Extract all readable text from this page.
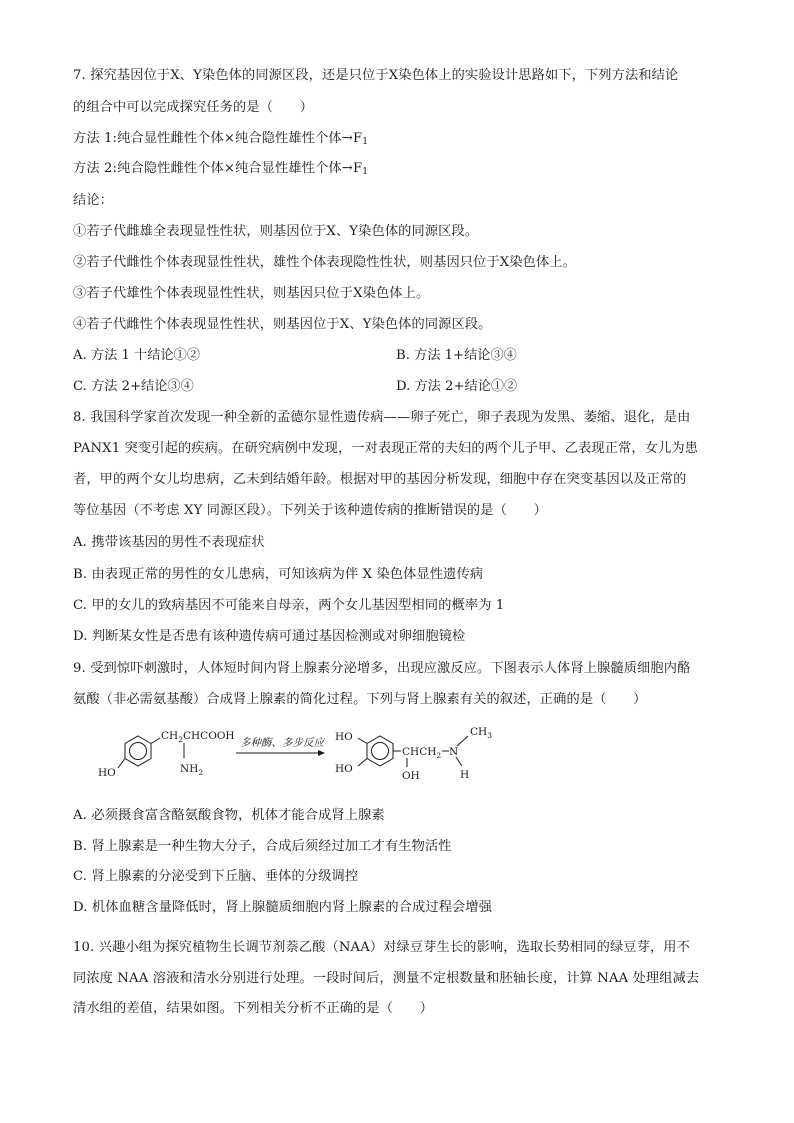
7. 探究基因位于X、Y染色体的同源区段，还是只位于X染色体上的实验设计思路如下，下列方法和结论
的组合中可以完成探究任务的是（　　）
方法 1:纯合显性雌性个体×纯合隐性雄性个体$\to F_1$
方法 2:纯合隐性雌性个体×纯合显性雄性个体$\to F_1$
结论：
①若子代雌雄全表现显性性状，则基因位于X、Y染色体的同源区段。
②若子代雌性个体表现显性性状，雄性个体表现隐性性状，则基因只位于X染色体上。
③若子代雄性个体表现显性性状，则基因只位于X染色体上。
④若子代雌性个体表现显性性状，则基因位于X、Y染色体的同源区段。
A. 方法 1 十结论①②	B. 方法 1+结论③④
C. 方法 2+结论③④	D. 方法 2+结论①②
8. 我国科学家首次发现一种全新的孟德尔显性遗传病——卵子死亡，卵子表现为发黑、萎缩、退化，是由
PANX1 突变引起的疾病。在研究病例中发现，一对表现正常的夫妇的两个儿子甲、乙表现正常，女儿为患
者，甲的两个女儿均患病，乙未到结婚年龄。根据对甲的基因分析发现，细胞中存在突变基因以及正常的
等位基因（不考虑 XY 同源区段）。下列关于该种遗传病的推断错误的是（　　）
A. 携带该基因的男性不表现症状
B. 由表现正常的男性的女儿患病，可知该病为伴 X 染色体显性遗传病
C. 甲的女儿的致病基因不可能来自母亲，两个女儿基因型相同的概率为 1
D. 判断某女性是否患有该种遗传病可通过基因检测或对卵细胞镜检
9. 受到惊吓刺激时，人体短时间内肾上腺素分泌增多，出现应激反应。下图表示人体肾上腺髓质细胞内酪
氨酸（非必需氨基酸）合成肾上腺素的简化过程。下列与肾上腺素有关的叙述，正确的是（　　）
$CH_2CHCOOH$
$NH_2$
HO
多种酶、多步反应 HO
HO
$CHCH_2$
OH
N
$CH_3$
H
A. 必须摄食富含酪氨酸食物，机体才能合成肾上腺素
B. 肾上腺素是一种生物大分子，合成后须经过加工才有生物活性
C. 肾上腺素的分泌受到下丘脑、垂体的分级调控
D. 机体血糖含量降低时，肾上腺髓质细胞内肾上腺素的合成过程会增强
10. 兴趣小组为探究植物生长调节剂萘乙酸（NAA）对绿豆芽生长的影响，选取长势相同的绿豆芽，用不
同浓度 NAA 溶液和清水分别进行处理。一段时间后，测量不定根数量和胚轴长度，计算 NAA 处理组减去
清水组的差值，结果如图。下列相关分析不正确的是（　　）
